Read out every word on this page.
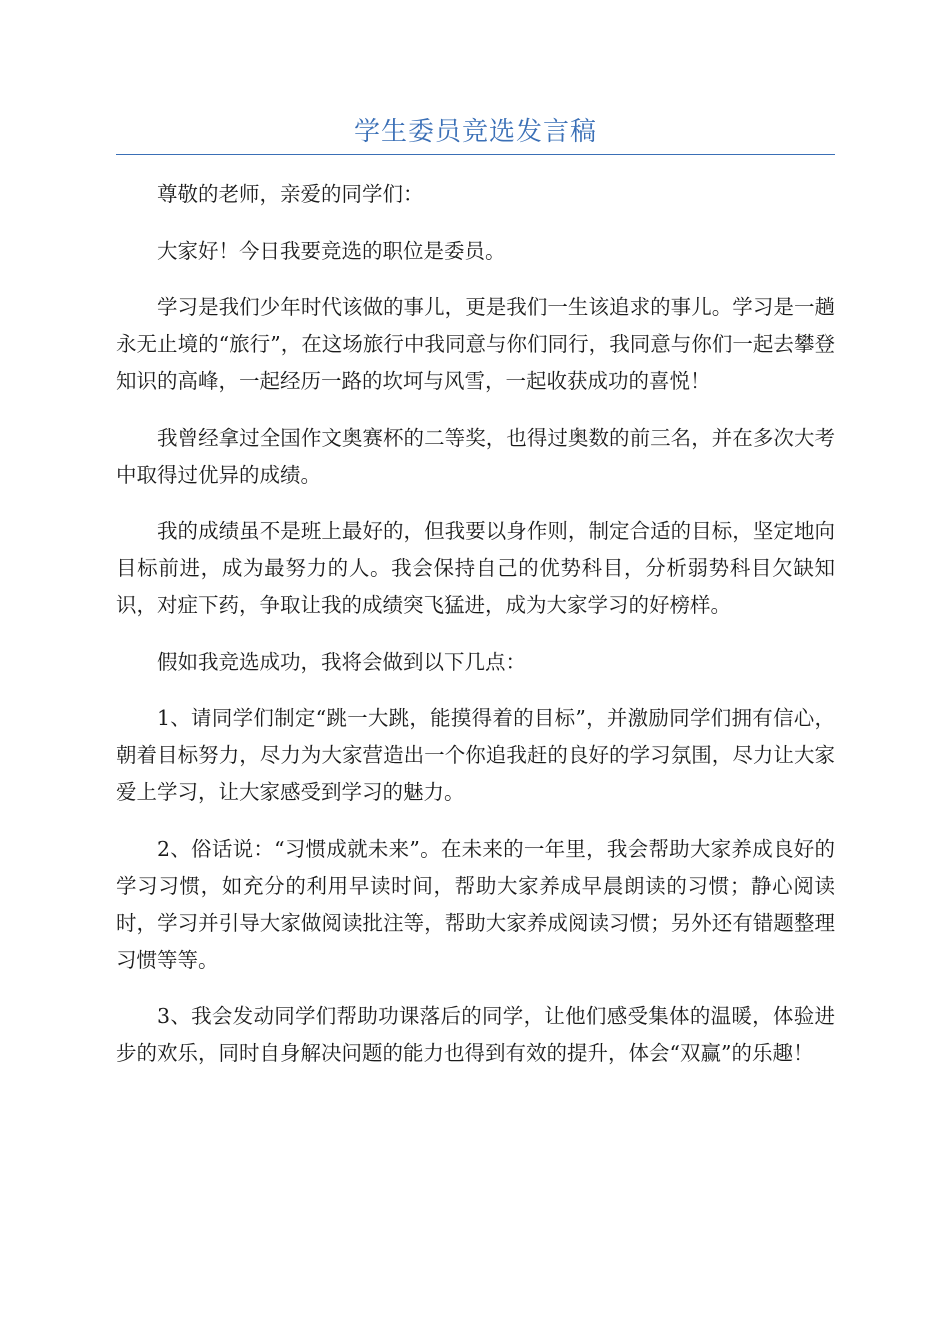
学生委员竞选发言稿

尊敬的老师，亲爱的同学们：

大家好！今日我要竞选的职位是委员。

学习是我们少年时代该做的事儿，更是我们一生该追求的事儿。学习是一趟永无止境的“旅行”，在这场旅行中我同意与你们同行，我同意与你们一起去攀登知识的高峰，一起经历一路的坎坷与风雪，一起收获成功的喜悦！

我曾经拿过全国作文奥赛杯的二等奖，也得过奥数的前三名，并在多次大考中取得过优异的成绩。

我的成绩虽不是班上最好的，但我要以身作则，制定合适的目标，坚定地向目标前进，成为最努力的人。我会保持自己的优势科目，分析弱势科目欠缺知识，对症下药，争取让我的成绩突飞猛进，成为大家学习的好榜样。

假如我竞选成功，我将会做到以下几点：

1、请同学们制定“跳一大跳，能摸得着的目标”，并激励同学们拥有信心，朝着目标努力，尽力为大家营造出一个你追我赶的良好的学习氛围，尽力让大家爱上学习，让大家感受到学习的魅力。

2、俗话说：“习惯成就未来”。在未来的一年里，我会帮助大家养成良好的学习习惯，如充分的利用早读时间，帮助大家养成早晨朗读的习惯；静心阅读时，学习并引导大家做阅读批注等，帮助大家养成阅读习惯；另外还有错题整理习惯等等。

3、我会发动同学们帮助功课落后的同学，让他们感受集体的温暖，体验进步的欢乐，同时自身解决问题的能力也得到有效的提升，体会“双赢”的乐趣！
